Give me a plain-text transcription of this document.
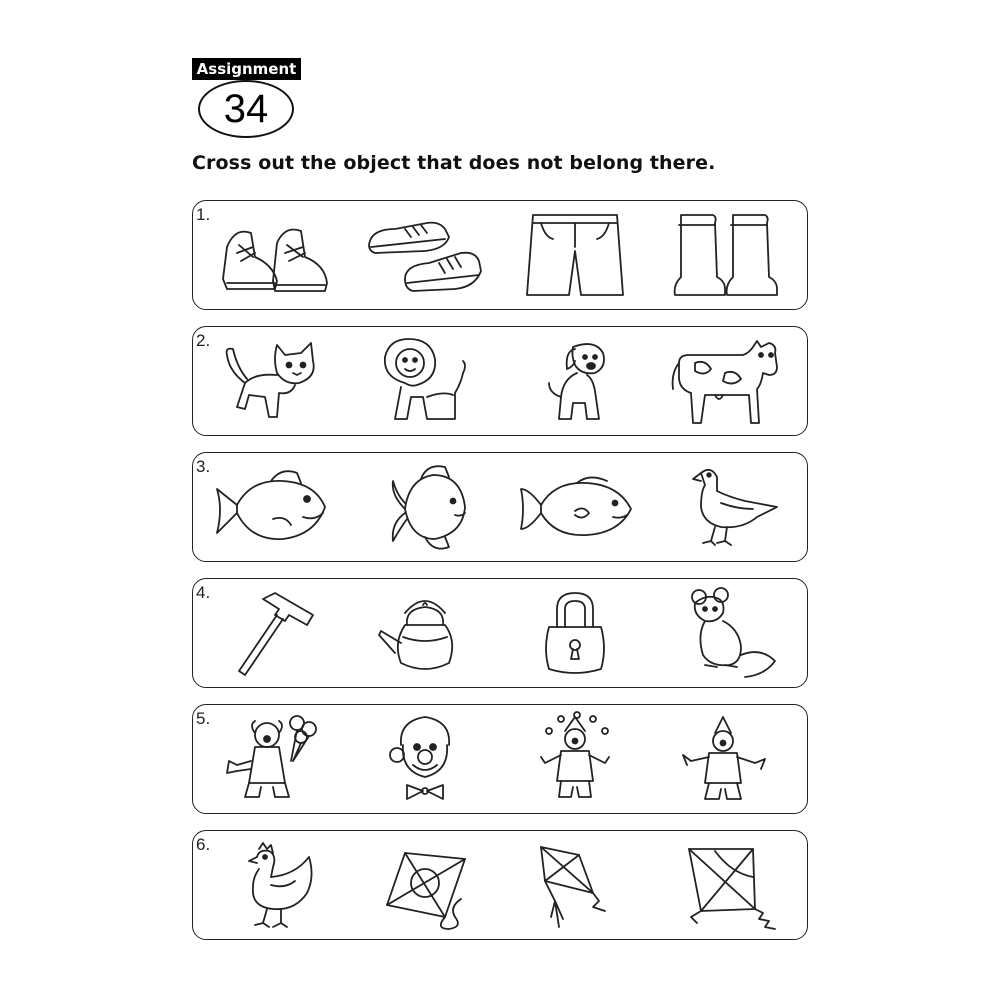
Assignment
34
Cross out the object that does not belong there.
1.
2.
3.
4.
5.
6.
